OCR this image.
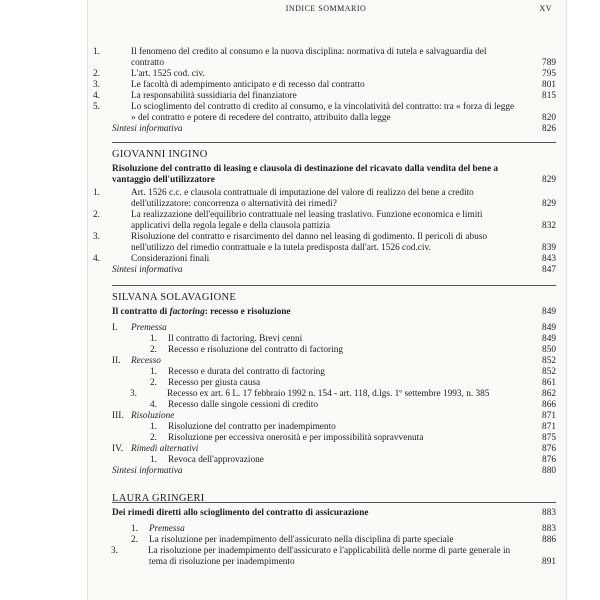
INDICE SOMMARIO	XV
1.	Il fenomeno del credito al consumo e la nuova disciplina: normativa di tutela e salvaguardia del contratto	789
2.	L'art. 1525 cod. civ.	795
3.	Le facoltà di adempimento anticipato e di recesso dal contratto	801
4.	La responsabilità sussidiaria del finanziatore	815
5.	Lo scioglimento del contratto di credito al consumo, e la vincolatività del contratto: tra « forza di legge » del contratto e potere di recedere del contratto, attribuito dalla legge	820
Sintesi informativa	826
GIOVANNI INGINO
Risoluzione del contratto di leasing e clausola di destinazione del ricavato dalla vendita del bene a vantaggio dell'utilizzatore	829
1.	Art. 1526 c.c. e clausola contrattuale di imputazione del valore di realizzo del bene a credito dell'utilizzatore: concorrenza o alternatività dei rimedi?	829
2.	La realizzazione dell'equilibrio contrattuale nel leasing traslativo. Funzione economica e limiti applicativi della regola legale e della clausola pattizia	832
3.	Risoluzione del contratto e risarcimento del danno nel leasing di godimento. Il pericoli di abuso nell'utilizzo del rimedio contrattuale e la tutela predisposta dall'art. 1526 cod.civ.	839
4.	Considerazioni finali	843
Sintesi informativa	847
SILVANA SOLAVAGIONE
Il contratto di factoring: recesso e risoluzione	849
I. Premessa	849
1. Il contratto di factoring. Brevi cenni	849
2. Recesso e risoluzione del contratto di factoring	850
II. Recesso	852
1. Recesso e durata del contratto di factoring	852
2. Recesso per giusta causa	861
3.	Recesso ex art. 6 L. 17 febbraio 1992 n. 154 - art. 118, d.lgs. 1º settembre 1993, n. 385	862
4. Recesso dalle singole cessioni di credito	866
III. Risoluzione	871
1. Risoluzione del contratto per inadempimento	871
2. Risoluzione per eccessiva onerosità e per impossibilità sopravvenuta	875
IV. Rimedi alternativi	876
1. Revoca dell'approvazione	876
Sintesi informativa	880
LAURA GRINGERI
Dei rimedi diretti allo scioglimento del contratto di assicurazione	883
1. Premessa	883
2. La risoluzione per inadempimento dell'assicurato nella disciplina di parte speciale	886
3.	La risoluzione per inadempimento dell'assicurato e l'applicabilità delle norme di parte generale in tema di risoluzione per inadempimento	891
